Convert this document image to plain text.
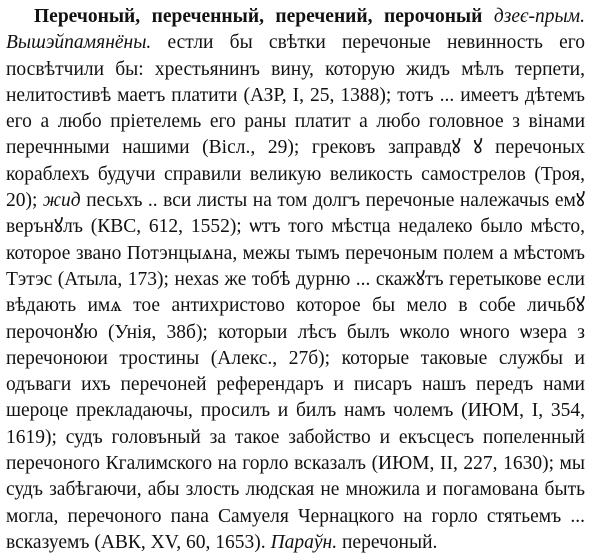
Перечоный, переченный, перечений, перочоный дзеє-прым. Вышэйпамянёны. естли бы свѣтки перечоные невинность его посвѣтчили бы: хрестьянинъ вину, которую жидъ мѣлъ терпети, нелитостивѣ маетъ платити (АЗР, I, 25, 1388); тотъ ... имеетъ дѣтемъ его а любо пріетелемь его раны платит а любо головное з вінами перечнными нашими (Вісл., 29); грековъ заправдꙋ ꙋ перечоных кораблехъ будучи справили великую великость самострелов (Троя, 20); жид песьхъ .. вси листы на том долгъ перечоные належачыѕ емꙋ верънꙋлъ (КВС, 612, 1552); ѡтъ того мѣстца недалеко было мѣсто, которое звано Потэнцыѧна, межы тымъ перечоным полем а мѣстомъ Тэтэс (Атыла, 173); нехаѕ же тобѣ дурню ... скажꙋтъ геретыкове если вѣдають имѧ тое антихристово которое бы мело в собе личьбꙋ перочонꙋю (Унія, 38б); которыи лѣсъ былъ ѡколо ѡного ѡзера з перечоноюи тростины (Алекс., 27б); которые таковые службы и одъваги ихъ перечоней референдаръ и писаръ нашъ передъ нами шероце прекладаючы, просилъ и билъ намъ чолемъ (ИЮМ, I, 354, 1619); судъ головъный за такое забойство и екъсцесъ попеленный перечоного Кгалимского на горло всказалъ (ИЮМ, II, 227, 1630); мы судъ забѣгаючи, абы злость людская не множила и погамована быть могла, перечоного пана Самуеля Чернацкого на горло стятьемъ ... всказуемъ (АВК, XV, 60, 1653). Параўн. перечоный.
